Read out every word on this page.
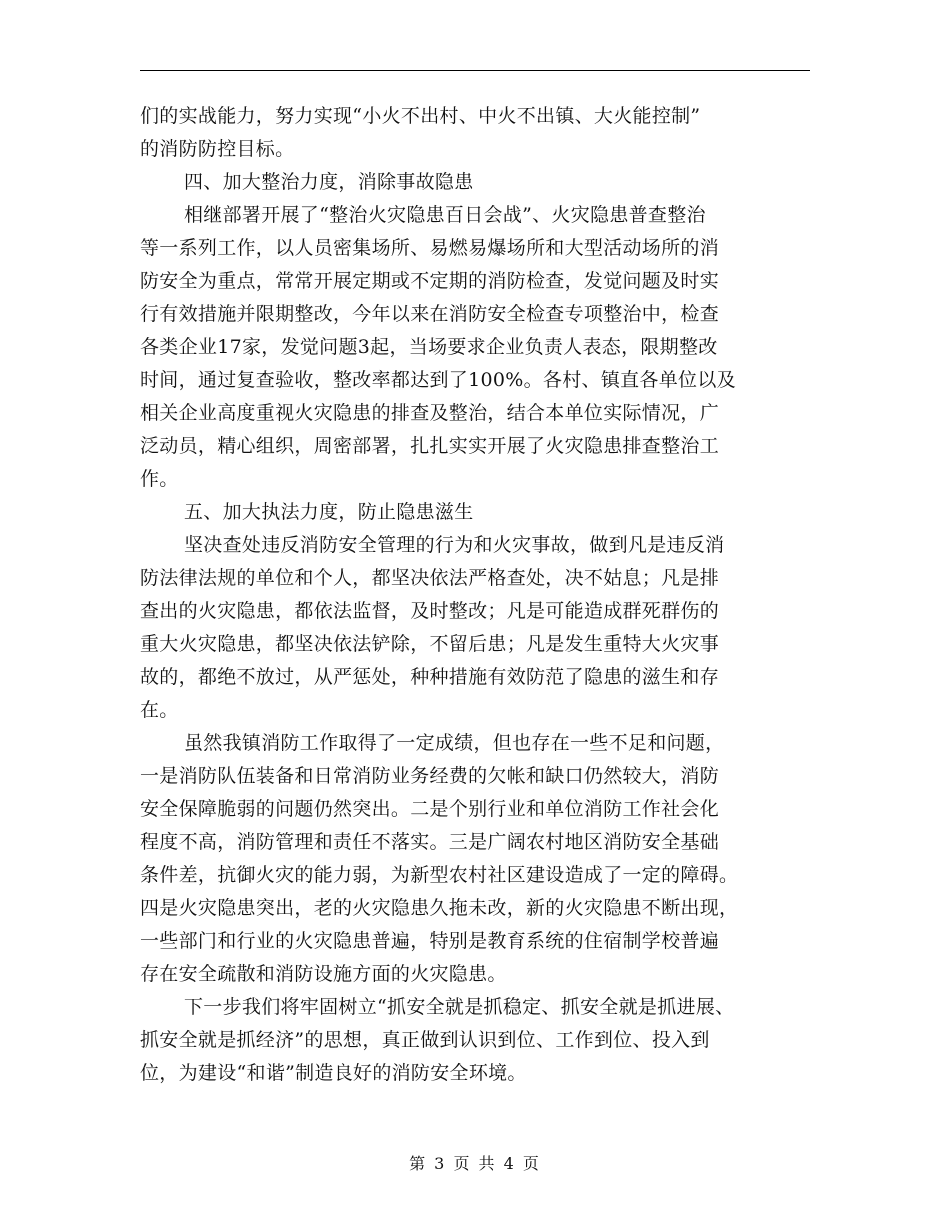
们的实战能力，努力实现“小火不出村、中火不出镇、大火能控制”
的消防防控目标。
四、加大整治力度，消除事故隐患
相继部署开展了“整治火灾隐患百日会战”、火灾隐患普查整治
等一系列工作，以人员密集场所、易燃易爆场所和大型活动场所的消
防安全为重点，常常开展定期或不定期的消防检查，发觉问题及时实
行有效措施并限期整改，今年以来在消防安全检查专项整治中，检查
各类企业17家，发觉问题3起，当场要求企业负责人表态，限期整改
时间，通过复查验收，整改率都达到了100%。各村、镇直各单位以及
相关企业高度重视火灾隐患的排查及整治，结合本单位实际情况，广
泛动员，精心组织，周密部署，扎扎实实开展了火灾隐患排查整治工
作。
五、加大执法力度，防止隐患滋生
坚决查处违反消防安全管理的行为和火灾事故，做到凡是违反消
防法律法规的单位和个人，都坚决依法严格查处，决不姑息；凡是排
查出的火灾隐患，都依法监督，及时整改；凡是可能造成群死群伤的
重大火灾隐患，都坚决依法铲除，不留后患；凡是发生重特大火灾事
故的，都绝不放过，从严惩处，种种措施有效防范了隐患的滋生和存
在。
虽然我镇消防工作取得了一定成绩，但也存在一些不足和问题，
一是消防队伍装备和日常消防业务经费的欠帐和缺口仍然较大，消防
安全保障脆弱的问题仍然突出。二是个别行业和单位消防工作社会化
程度不高，消防管理和责任不落实。三是广阔农村地区消防安全基础
条件差，抗御火灾的能力弱，为新型农村社区建设造成了一定的障碍。
四是火灾隐患突出，老的火灾隐患久拖未改，新的火灾隐患不断出现，
一些部门和行业的火灾隐患普遍，特别是教育系统的住宿制学校普遍
存在安全疏散和消防设施方面的火灾隐患。
下一步我们将牢固树立“抓安全就是抓稳定、抓安全就是抓进展、
抓安全就是抓经济”的思想，真正做到认识到位、工作到位、投入到
位，为建设“和谐”制造良好的消防安全环境。
第 3 页 共 4 页
